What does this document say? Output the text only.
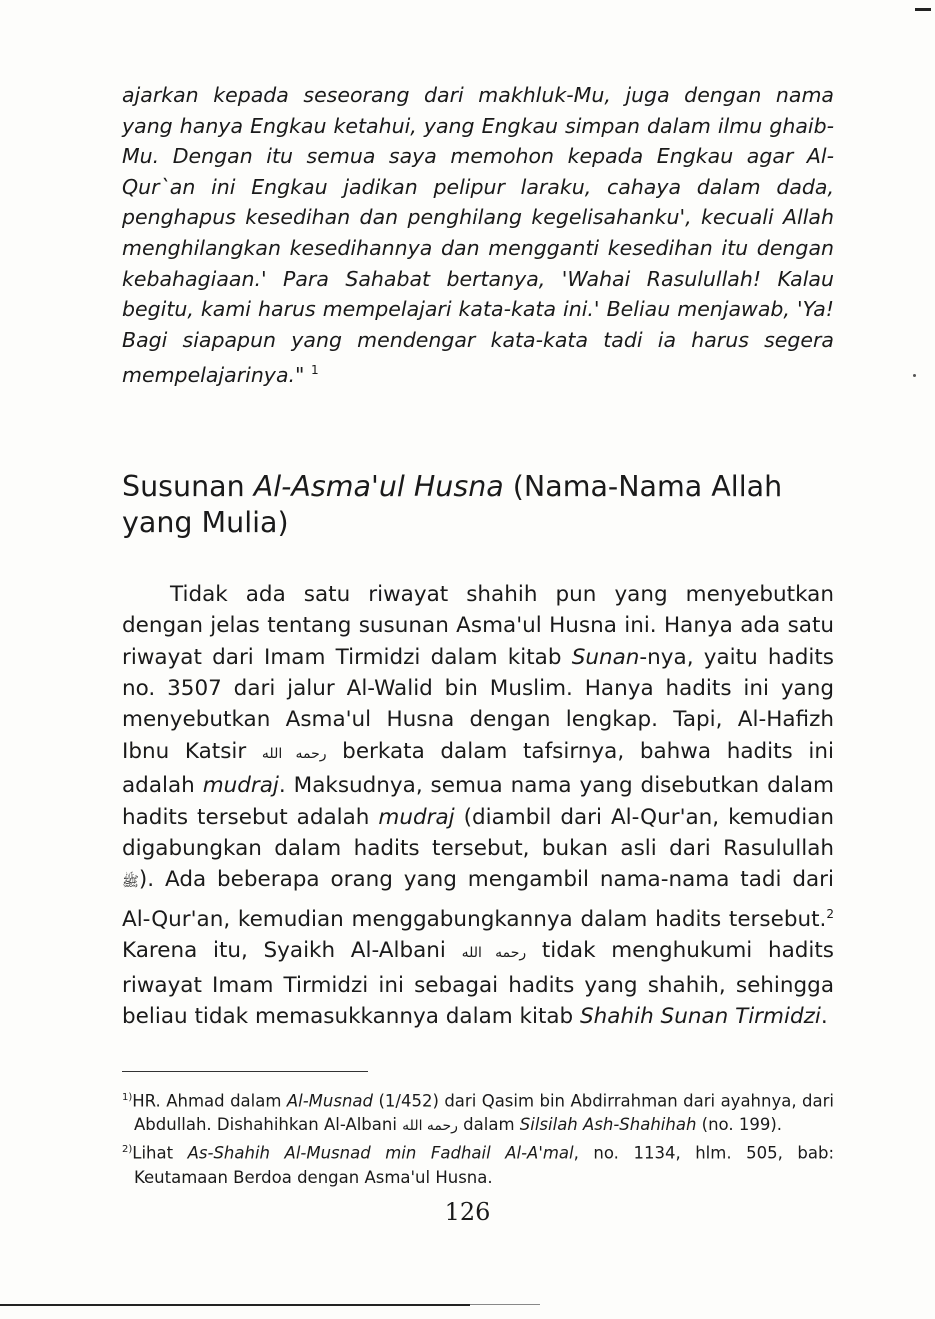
ajarkan kepada seseorang dari makhluk-Mu, juga dengan nama yang hanya Engkau ketahui, yang Engkau simpan dalam ilmu ghaib-Mu. Dengan itu semua saya memohon kepada Engkau agar Al-Qur`an ini Engkau jadikan pelipur laraku, cahaya dalam dada, penghapus kesedihan dan penghilang kegelisahanku', kecuali Allah menghilangkan kesedihannya dan mengganti kesedihan itu dengan kebahagiaan.' Para Sahabat bertanya, 'Wahai Rasulullah! Kalau begitu, kami harus mempelajari kata-kata ini.' Beliau menjawab, 'Ya! Bagi siapapun yang mendengar kata-kata tadi ia harus segera mempelajarinya." $^1$

Susunan Al-Asma'ul Husna (Nama-Nama Allah yang Mulia)

Tidak ada satu riwayat shahih pun yang menyebutkan dengan jelas tentang susunan Asma'ul Husna ini. Hanya ada satu riwayat dari Imam Tirmidzi dalam kitab Sunan-nya, yaitu hadits no. 3507 dari jalur Al-Walid bin Muslim. Hanya hadits ini yang menyebutkan Asma'ul Husna dengan lengkap. Tapi, Al-Hafizh Ibnu Katsir رحمه الله berkata dalam tafsirnya, bahwa hadits ini adalah mudraj. Maksudnya, semua nama yang disebutkan dalam hadits tersebut adalah mudraj (diambil dari Al-Qur'an, kemudian digabungkan dalam hadits tersebut, bukan asli dari Rasulullah ﷺ). Ada beberapa orang yang mengambil nama-nama tadi dari Al-Qur'an, kemudian menggabungkannya dalam hadits tersebut.$^2$ Karena itu, Syaikh Al-Albani رحمه الله tidak menghukumi hadits riwayat Imam Tirmidzi ini sebagai hadits yang shahih, sehingga beliau tidak memasukkannya dalam kitab Shahih Sunan Tirmidzi.

$^{1)}$HR. Ahmad dalam Al-Musnad (1/452) dari Qasim bin Abdirrahman dari ayahnya, dari Abdullah. Dishahihkan Al-Albani رحمه الله dalam Silsilah Ash-Shahihah (no. 199).

$^{2)}$Lihat As-Shahih Al-Musnad min Fadhail Al-A'mal, no. 1134, hlm. 505, bab: Keutamaan Berdoa dengan Asma'ul Husna.

126
